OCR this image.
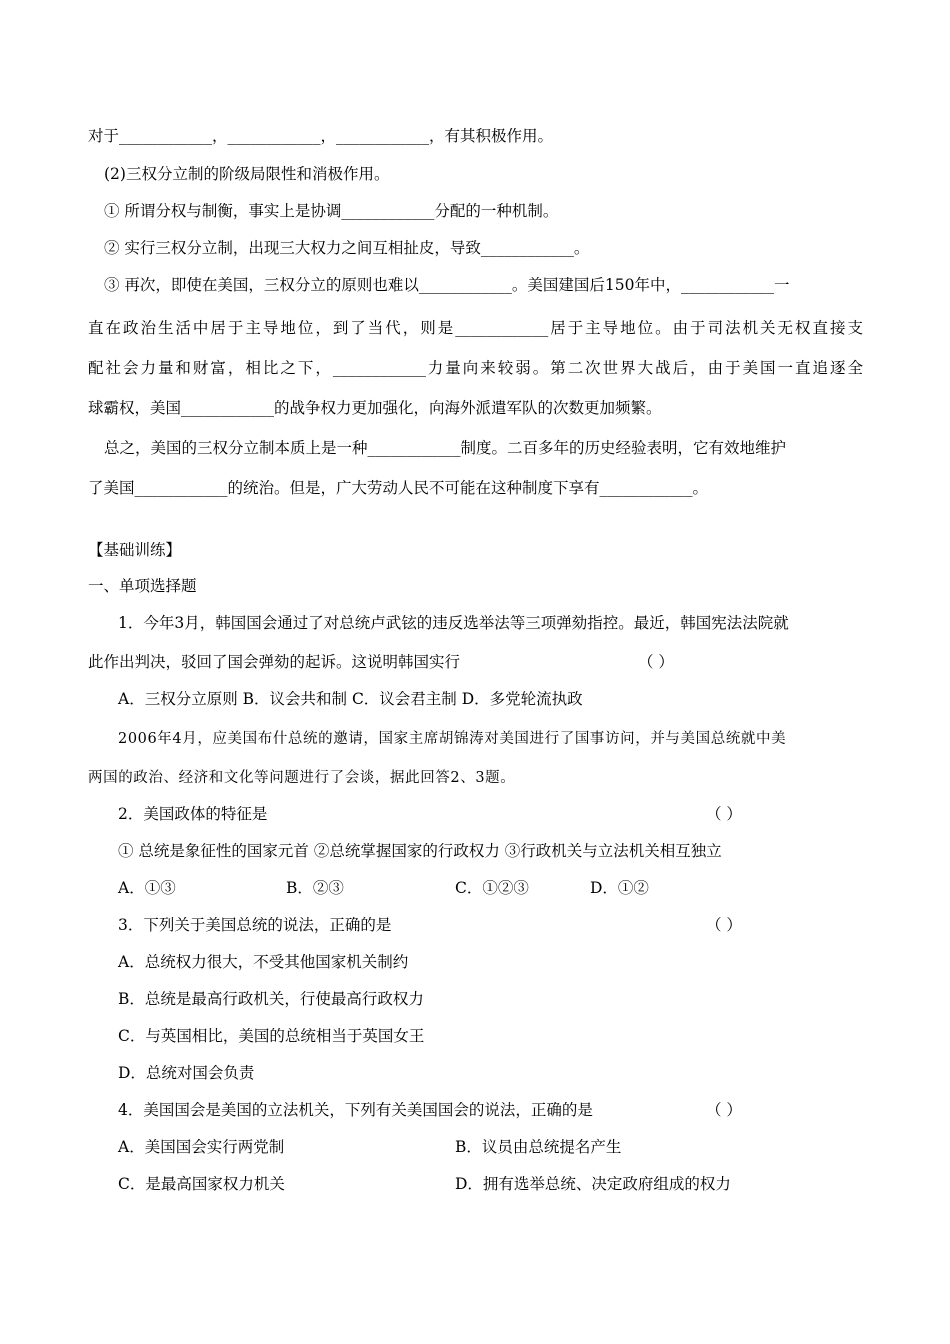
对于____________，____________，____________，有其积极作用。
(2)三权分立制的阶级局限性和消极作用。
① 所谓分权与制衡，事实上是协调____________分配的一种机制。
② 实行三权分立制，出现三大权力之间互相扯皮，导致____________。
③ 再次，即使在美国，三权分立的原则也难以____________。美国建国后150年中，____________一
直在政治生活中居于主导地位，到了当代，则是____________居于主导地位。由于司法机关无权直接支
配社会力量和财富，相比之下，____________力量向来较弱。第二次世界大战后，由于美国一直追逐全
球霸权，美国____________的战争权力更加强化，向海外派遣军队的次数更加频繁。
总之，美国的三权分立制本质上是一种____________制度。二百多年的历史经验表明，它有效地维护
了美国____________的统治。但是，广大劳动人民不可能在这种制度下享有____________。
【基础训练】
一、单项选择题
1．今年3月，韩国国会通过了对总统卢武铉的违反选举法等三项弹劾指控。最近，韩国宪法法院就
此作出判决，驳回了国会弹劾的起诉。这说明韩国实行	（ ）
A．三权分立原则 B．议会共和制 C．议会君主制 D．多党轮流执政
2006年4月，应美国布什总统的邀请，国家主席胡锦涛对美国进行了国事访问，并与美国总统就中美
两国的政治、经济和文化等问题进行了会谈，据此回答2、3题。
2．美国政体的特征是	（ ）
① 总统是象征性的国家元首 ②总统掌握国家的行政权力 ③行政机关与立法机关相互独立
A．①③	B．②③	C．①②③	D．①②
3．下列关于美国总统的说法，正确的是	（ ）
A．总统权力很大，不受其他国家机关制约
B．总统是最高行政机关，行使最高行政权力
C．与英国相比，美国的总统相当于英国女王
D．总统对国会负责
4．美国国会是美国的立法机关，下列有关美国国会的说法，正确的是	（ ）
A．美国国会实行两党制	B．议员由总统提名产生
C．是最高国家权力机关	D．拥有选举总统、决定政府组成的权力
